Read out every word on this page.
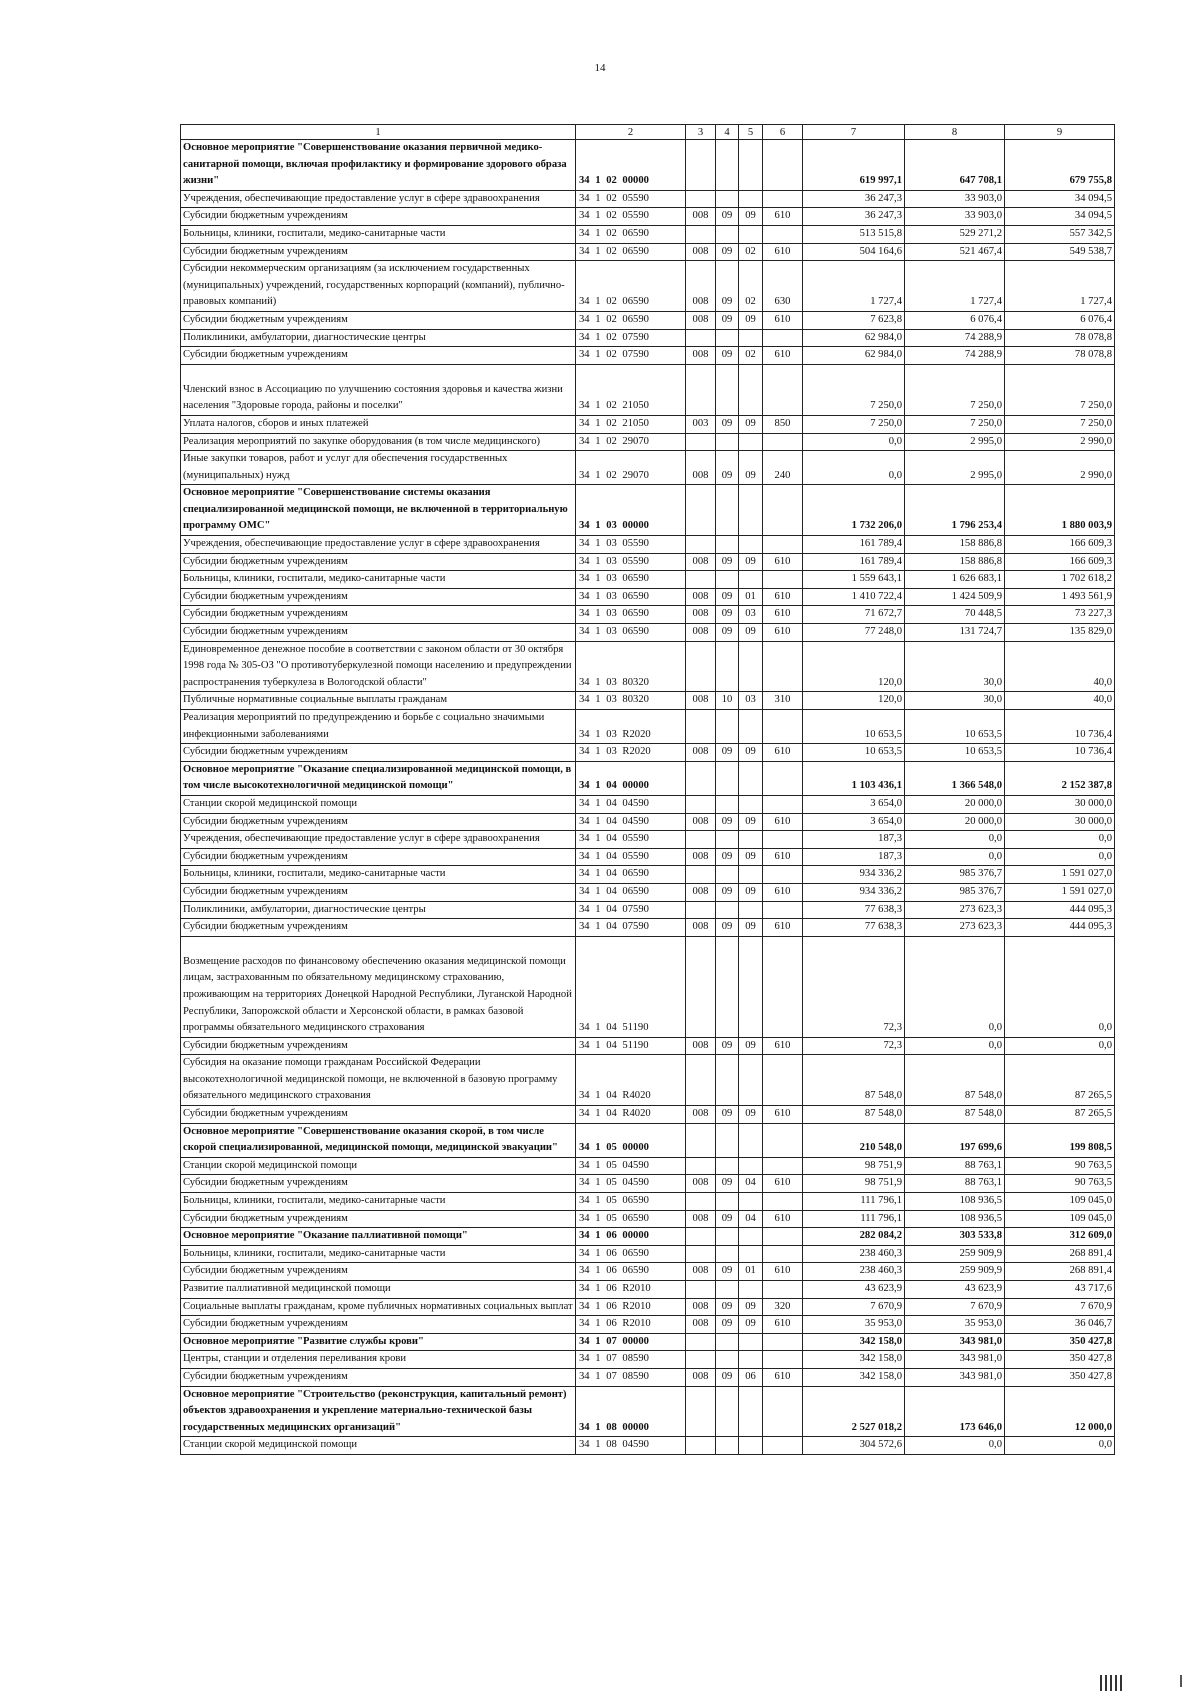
14
1	2	3	4	5	6	7	8	9
Основное мероприятие "Совершенствование оказания первичной медико-санитарной помощи, включая профилактику и формирование здорового образа жизни"	34 1 02 00000					619 997,1	647 708,1	679 755,8
Учреждения, обеспечивающие предоставление услуг в сфере здравоохранения	34 1 02 05590					36 247,3	33 903,0	34 094,5
Субсидии бюджетным учреждениям	34 1 02 05590	008	09	09	610	36 247,3	33 903,0	34 094,5
Больницы, клиники, госпитали, медико-санитарные части	34 1 02 06590					513 515,8	529 271,2	557 342,5
Субсидии бюджетным учреждениям	34 1 02 06590	008	09	02	610	504 164,6	521 467,4	549 538,7
Субсидии некоммерческим организациям (за исключением государственных (муниципальных) учреждений, государственных корпораций (компаний), публично-правовых компаний)	34 1 02 06590	008	09	02	630	1 727,4	1 727,4	1 727,4
Субсидии бюджетным учреждениям	34 1 02 06590	008	09	09	610	7 623,8	6 076,4	6 076,4
Поликлиники, амбулатории, диагностические центры	34 1 02 07590					62 984,0	74 288,9	78 078,8
Субсидии бюджетным учреждениям	34 1 02 07590	008	09	02	610	62 984,0	74 288,9	78 078,8
Членский взнос в Ассоциацию по улучшению состояния здоровья и качества жизни населения "Здоровые города, районы и поселки"	34 1 02 21050					7 250,0	7 250,0	7 250,0
Уплата налогов, сборов и иных платежей	34 1 02 21050	003	09	09	850	7 250,0	7 250,0	7 250,0
Реализация мероприятий по закупке оборудования (в том числе медицинского)	34 1 02 29070					0,0	2 995,0	2 990,0
Иные закупки товаров, работ и услуг для обеспечения государственных (муниципальных) нужд	34 1 02 29070	008	09	09	240	0,0	2 995,0	2 990,0
Основное мероприятие "Совершенствование системы оказания специализированной медицинской помощи, не включенной в территориальную программу ОМС"	34 1 03 00000					1 732 206,0	1 796 253,4	1 880 003,9
Учреждения, обеспечивающие предоставление услуг в сфере здравоохранения	34 1 03 05590					161 789,4	158 886,8	166 609,3
Субсидии бюджетным учреждениям	34 1 03 05590	008	09	09	610	161 789,4	158 886,8	166 609,3
Больницы, клиники, госпитали, медико-санитарные части	34 1 03 06590					1 559 643,1	1 626 683,1	1 702 618,2
Субсидии бюджетным учреждениям	34 1 03 06590	008	09	01	610	1 410 722,4	1 424 509,9	1 493 561,9
Субсидии бюджетным учреждениям	34 1 03 06590	008	09	03	610	71 672,7	70 448,5	73 227,3
Субсидии бюджетным учреждениям	34 1 03 06590	008	09	09	610	77 248,0	131 724,7	135 829,0
Единовременное денежное пособие в соответствии с законом области от 30 октября 1998 года № 305-ОЗ "О противотуберкулезной помощи населению и предупреждении распространения туберкулеза в Вологодской области"	34 1 03 80320					120,0	30,0	40,0
Публичные нормативные социальные выплаты гражданам	34 1 03 80320	008	10	03	310	120,0	30,0	40,0
Реализация мероприятий по предупреждению и борьбе с социально значимыми инфекционными заболеваниями	34 1 03 R2020					10 653,5	10 653,5	10 736,4
Субсидии бюджетным учреждениям	34 1 03 R2020	008	09	09	610	10 653,5	10 653,5	10 736,4
Основное мероприятие "Оказание специализированной медицинской помощи, в том числе высокотехнологичной медицинской помощи"	34 1 04 00000					1 103 436,1	1 366 548,0	2 152 387,8
Станции скорой медицинской помощи	34 1 04 04590					3 654,0	20 000,0	30 000,0
Субсидии бюджетным учреждениям	34 1 04 04590	008	09	09	610	3 654,0	20 000,0	30 000,0
Учреждения, обеспечивающие предоставление услуг в сфере здравоохранения	34 1 04 05590					187,3	0,0	0,0
Субсидии бюджетным учреждениям	34 1 04 05590	008	09	09	610	187,3	0,0	0,0
Больницы, клиники, госпитали, медико-санитарные части	34 1 04 06590					934 336,2	985 376,7	1 591 027,0
Субсидии бюджетным учреждениям	34 1 04 06590	008	09	09	610	934 336,2	985 376,7	1 591 027,0
Поликлиники, амбулатории, диагностические центры	34 1 04 07590					77 638,3	273 623,3	444 095,3
Субсидии бюджетным учреждениям	34 1 04 07590	008	09	09	610	77 638,3	273 623,3	444 095,3
Возмещение расходов по финансовому обеспечению оказания медицинской помощи лицам, застрахованным по обязательному медицинскому страхованию, проживающим на территориях Донецкой Народной Республики, Луганской Народной Республики, Запорожской области и Херсонской области, в рамках базовой программы обязательного медицинского страхования	34 1 04 51190					72,3	0,0	0,0
Субсидии бюджетным учреждениям	34 1 04 51190	008	09	09	610	72,3	0,0	0,0
Субсидия на оказание помощи гражданам Российской Федерации высокотехнологичной медицинской помощи, не включенной в базовую программу обязательного медицинского страхования	34 1 04 R4020					87 548,0	87 548,0	87 265,5
Субсидии бюджетным учреждениям	34 1 04 R4020	008	09	09	610	87 548,0	87 548,0	87 265,5
Основное мероприятие "Совершенствование оказания скорой, в том числе скорой специализированной, медицинской помощи, медицинской эвакуации"	34 1 05 00000					210 548,0	197 699,6	199 808,5
Станции скорой медицинской помощи	34 1 05 04590					98 751,9	88 763,1	90 763,5
Субсидии бюджетным учреждениям	34 1 05 04590	008	09	04	610	98 751,9	88 763,1	90 763,5
Больницы, клиники, госпитали, медико-санитарные части	34 1 05 06590					111 796,1	108 936,5	109 045,0
Субсидии бюджетным учреждениям	34 1 05 06590	008	09	04	610	111 796,1	108 936,5	109 045,0
Основное мероприятие "Оказание паллиативной помощи"	34 1 06 00000					282 084,2	303 533,8	312 609,0
Больницы, клиники, госпитали, медико-санитарные части	34 1 06 06590					238 460,3	259 909,9	268 891,4
Субсидии бюджетным учреждениям	34 1 06 06590	008	09	01	610	238 460,3	259 909,9	268 891,4
Развитие паллиативной медицинской помощи	34 1 06 R2010					43 623,9	43 623,9	43 717,6
Социальные выплаты гражданам, кроме публичных нормативных социальных выплат	34 1 06 R2010	008	09	09	320	7 670,9	7 670,9	7 670,9
Субсидии бюджетным учреждениям	34 1 06 R2010	008	09	09	610	35 953,0	35 953,0	36 046,7
Основное мероприятие "Развитие службы крови"	34 1 07 00000					342 158,0	343 981,0	350 427,8
Центры, станции и отделения переливания крови	34 1 07 08590					342 158,0	343 981,0	350 427,8
Субсидии бюджетным учреждениям	34 1 07 08590	008	09	06	610	342 158,0	343 981,0	350 427,8
Основное мероприятие "Строительство (реконструкция, капитальный ремонт) объектов здравоохранения и укрепление материально-технической базы государственных медицинских организаций"	34 1 08 00000					2 527 018,2	173 646,0	12 000,0
Станции скорой медицинской помощи	34 1 08 04590					304 572,6	0,0	0,0
